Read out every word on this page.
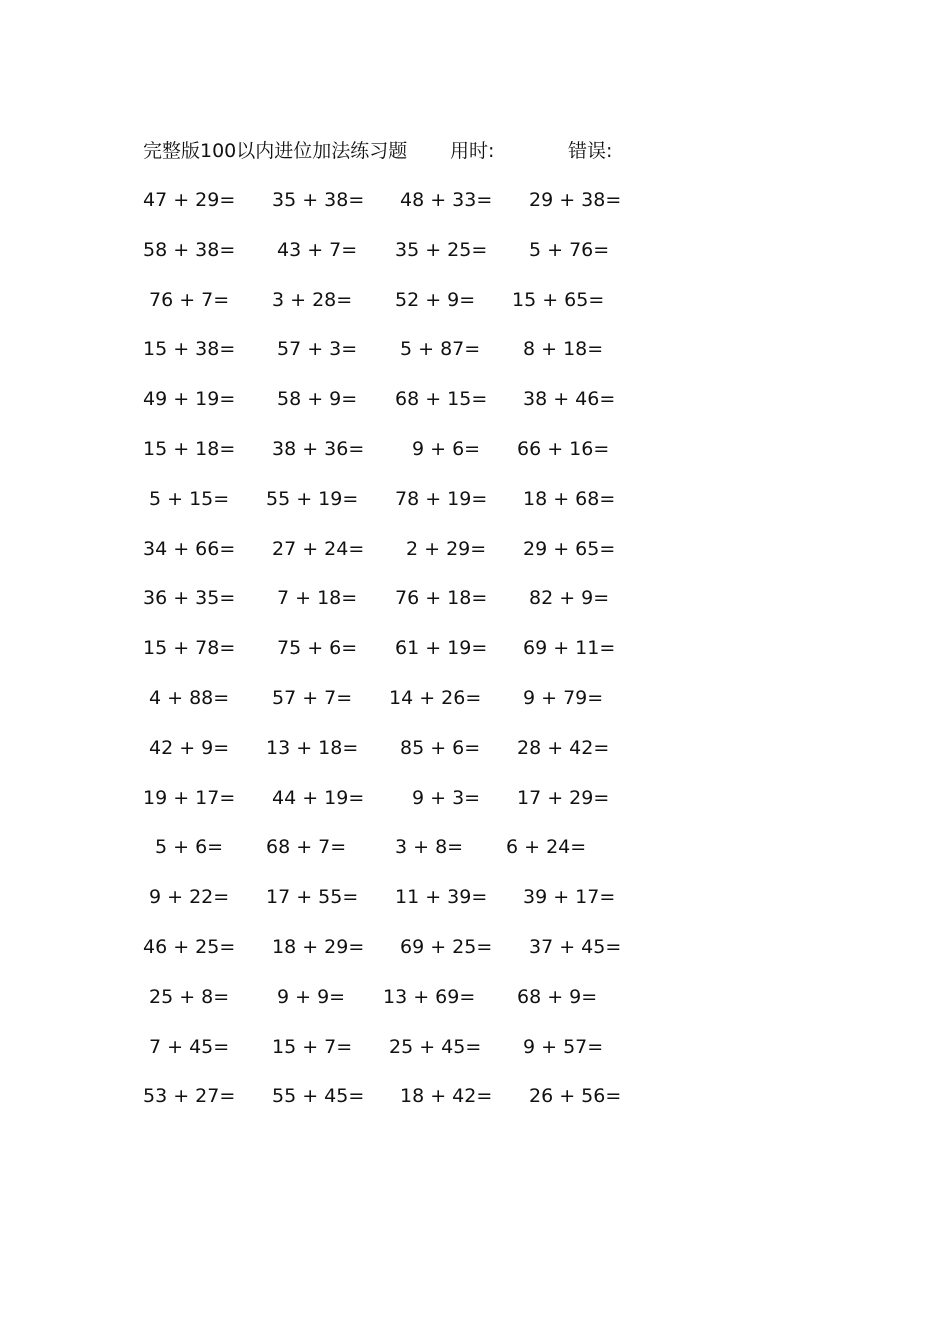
完整版100以内进位加法练习题 用时:	错误:
47 + 29= 35 + 38= 48 + 33= 29 + 38=
58 + 38= 43 + 7= 35 + 25= 5 + 76=
76 + 7= 3 + 28= 52 + 9= 15 + 65=
15 + 38= 57 + 3= 5 + 87= 8 + 18=
49 + 19= 58 + 9= 68 + 15= 38 + 46=
15 + 18= 38 + 36=	9 + 6= 66 + 16=
5 + 15= 55 + 19= 78 + 19= 18 + 68=
34 + 66= 27 + 24= 2 + 29= 29 + 65=
36 + 35= 7 + 18= 76 + 18= 82 + 9=
15 + 78= 75 + 6= 61 + 19= 69 + 11=
4 + 88= 57 + 7= 14 + 26= 9 + 79=
42 + 9= 13 + 18= 85 + 6= 28 + 42=
19 + 17= 44 + 19=	9 + 3= 17 + 29=
5 + 6= 68 + 7=	3 + 8= 6 + 24=
9 + 22= 17 + 55= 11 + 39= 39 + 17=
46 + 25= 18 + 29= 69 + 25= 37 + 45=
25 + 8=	9 + 9= 13 + 69= 68 + 9=
7 + 45= 15 + 7= 25 + 45= 9 + 57=
53 + 27= 55 + 45= 18 + 42= 26 + 56=
